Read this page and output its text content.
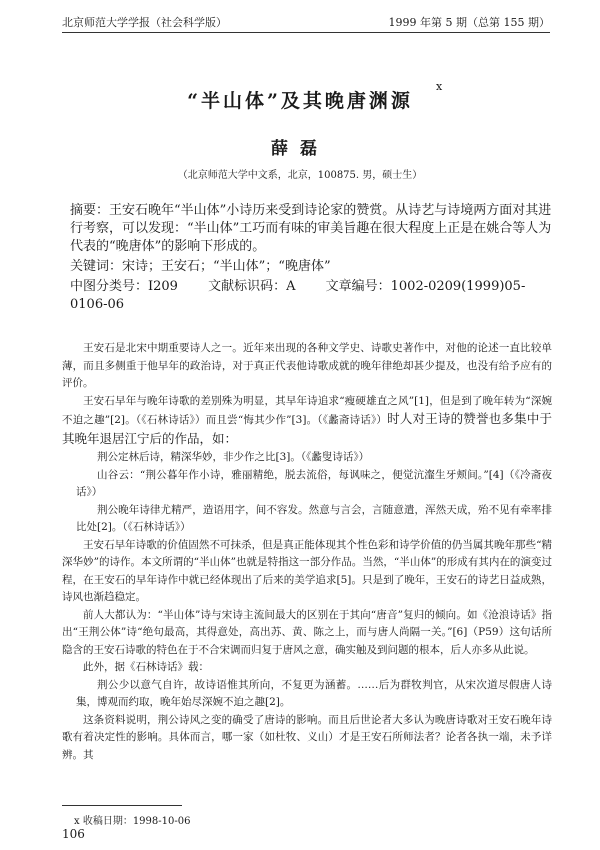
北京师范大学学报（社会科学版）	1999 年第 5 期（总第 155 期）
“半山体”及其晚唐渊源
x
薛磊
（北京师范大学中文系，北京，100875. 男，硕士生）

摘要：王安石晚年“半山体”小诗历来受到诗论家的赞赏。从诗艺与诗境两方面对其进行考察，可以发现：“半山体”工巧而有味的审美旨趣在很大程度上正是在姚合等人为代表的“晚唐体”的影响下形成的。

关键词：宋诗；王安石；“半山体”；“晚唐体”

中图分类号：I209 文献标识码：A 文章编号：1002-0209(1999)05-0106-06

王安石是北宋中期重要诗人之一。近年来出现的各种文学史、诗歌史著作中，对他的论述一直比较单薄，而且多侧重于他早年的政治诗，对于真正代表他诗歌成就的晚年律绝却甚少提及，也没有给予应有的评价。

王安石早年与晚年诗歌的差别殊为明显，其早年诗追求“瘦硬雄直之风”[1]，但是到了晚年转为“深婉不迫之趣”[2]。（《石林诗话》）而且尝“悔其少作”[3]。（《蠡斋诗话》）时人对王诗的赞誉也多集中于其晚年退居江宁后的作品，如：

荆公定林后诗，精深华妙，非少作之比[3]。（《蠡叟诗话》）

山谷云：“荆公暮年作小诗，雅丽精绝，脱去流俗，每讽味之，便觉沆瀣生牙颊间。”[4]（《冷斋夜话》）

荆公晚年诗律尤精严，造语用字，间不容发。然意与言会，言随意遣，浑然天成，殆不见有牵率排比处[2]。（《石林诗话》）

王安石早年诗歌的价值固然不可抹杀，但是真正能体现其个性色彩和诗学价值的仍当属其晚年那些“精深华妙”的诗作。本文所谓的“半山体”也就是特指这一部分作品。当然，“半山体”的形成有其内在的演变过程，在王安石的早年诗作中就已经体现出了后来的美学追求[5]。只是到了晚年，王安石的诗艺日益成熟，诗风也渐趋稳定。

前人大都认为：“半山体”诗与宋诗主流间最大的区别在于其向“唐音”复归的倾向。如《沧浪诗话》指出“王荆公体”诗“绝句最高，其得意处，高出苏、黄、陈之上，而与唐人尚隔一关。”[6]（P59）这句话所隐含的王安石诗歌的特色在于不合宋调而归复于唐风之意，确实触及到问题的根本，后人亦多从此说。

此外，据《石林诗话》载：

荆公少以意气自许，故诗语惟其所向，不复更为涵蓄。……后为群牧判官，从宋次道尽假唐人诗集，博观而约取，晚年始尽深婉不迫之趣[2]。

这条资料说明，荆公诗风之变的确受了唐诗的影响。而且后世论者大多认为晚唐诗歌对王安石晚年诗歌有着决定性的影响。具体而言，哪一家（如杜牧、义山）才是王安石所师法者？论者各执一端，未予详辨。其

x 收稿日期：1998-10-06
106
